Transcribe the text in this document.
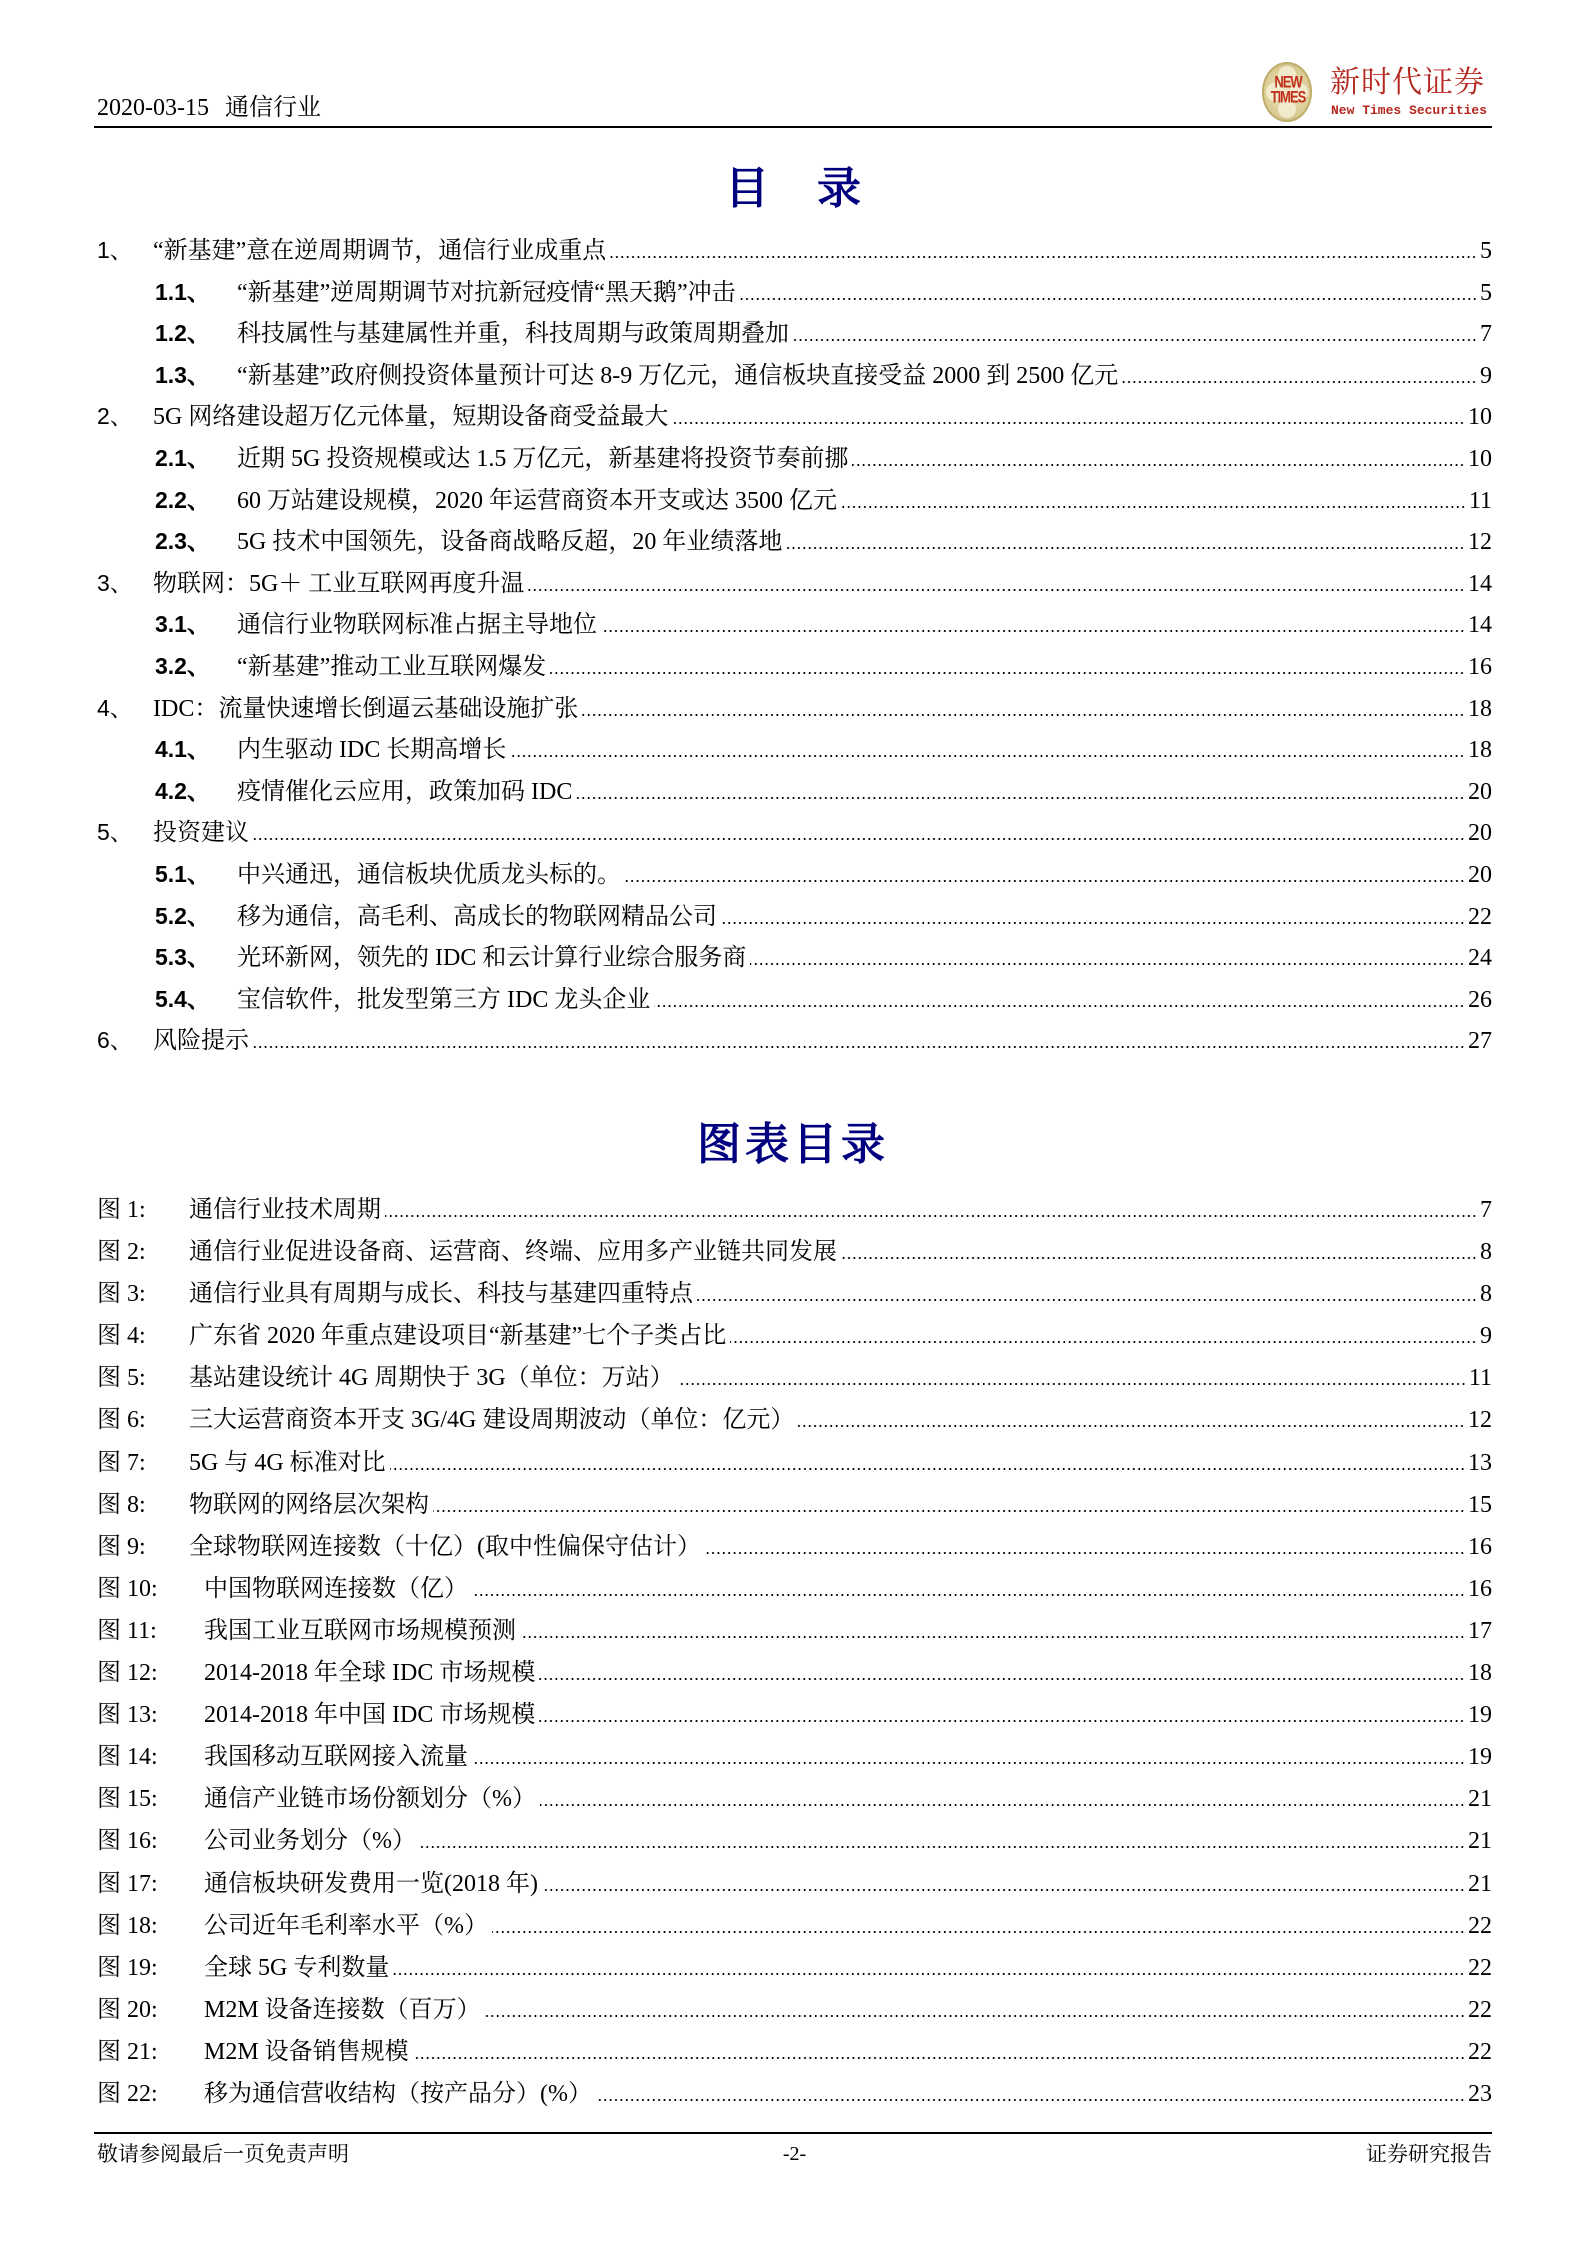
2020-03-15 通信行业
NEW
TIMES 新时代证券
New Times Securities
目录
1、 “新基建”意在逆周期调节，通信行业成重点	5
1.1、	“新基建”逆周期调节对抗新冠疫情“黑天鹅”冲击	5
1.2、	科技属性与基建属性并重，科技周期与政策周期叠加	7
1.3、	“新基建”政府侧投资体量预计可达 8-9 万亿元，通信板块直接受益 2000 到 2500 亿元	9
2、 5G 网络建设超万亿元体量，短期设备商受益最大	10
2.1、	近期 5G 投资规模或达 1.5 万亿元，新基建将投资节奏前挪	10
2.2、	60 万站建设规模，2020 年运营商资本开支或达 3500 亿元	11
2.3、	5G 技术中国领先，设备商战略反超，20 年业绩落地	12
3、 物联网：5G＋ 工业互联网再度升温	14
3.1、	通信行业物联网标准占据主导地位	14
3.2、	“新基建”推动工业互联网爆发	16
4、 IDC：流量快速增长倒逼云基础设施扩张	18
4.1、	内生驱动 IDC 长期高增长	18
4.2、	疫情催化云应用，政策加码 IDC	20
5、 投资建议	20
5.1、	中兴通迅，通信板块优质龙头标的。	20
5.2、	移为通信，高毛利、高成长的物联网精品公司	22
5.3、	光环新网，领先的 IDC 和云计算行业综合服务商	24
5.4、	宝信软件，批发型第三方 IDC 龙头企业	26
6、 风险提示	27
图表目录
图 1:	通信行业技术周期	7
图 2:	通信行业促进设备商、运营商、终端、应用多产业链共同发展	8
图 3:	通信行业具有周期与成长、科技与基建四重特点	8
图 4:	广东省 2020 年重点建设项目“新基建”七个子类占比	9
图 5:	基站建设统计 4G 周期快于 3G（单位：万站）	11
图 6:	三大运营商资本开支 3G/4G 建设周期波动（单位：亿元）	12
图 7:	5G 与 4G 标准对比	13
图 8:	物联网的网络层次架构	15
图 9:	全球物联网连接数（十亿）(取中性偏保守估计）	16
图 10:	中国物联网连接数（亿）	16
图 11:	我国工业互联网市场规模预测	17
图 12:	2014-2018 年全球 IDC 市场规模	18
图 13:	2014-2018 年中国 IDC 市场规模	19
图 14:	我国移动互联网接入流量	19
图 15:	通信产业链市场份额划分（%）	21
图 16:	公司业务划分（%）	21
图 17:	通信板块研发费用一览(2018 年)	21
图 18:	公司近年毛利率水平（%）	22
图 19:	全球 5G 专利数量	22
图 20:	M2M 设备连接数（百万）	22
图 21:	M2M 设备销售规模	22
图 22:	移为通信营收结构（按产品分）(%）	23
敬请参阅最后一页免责声明	-2-	证券研究报告
